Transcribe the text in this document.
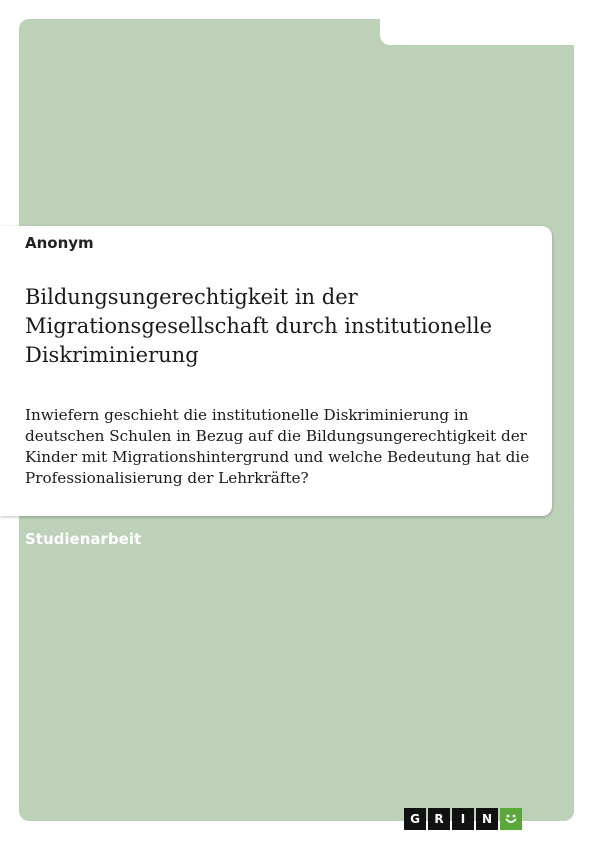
Anonym
Bildungsungerechtigkeit in der Migrationsgesellschaft durch institutionelle Diskriminierung

Inwiefern geschieht die institutionelle Diskriminierung in deutschen Schulen in Bezug auf die Bildungsungerechtigkeit der Kinder mit Migrationshintergrund und welche Bedeutung hat die Professionalisierung der Lehrkräfte?

Studienarbeit
G	R	I	N
